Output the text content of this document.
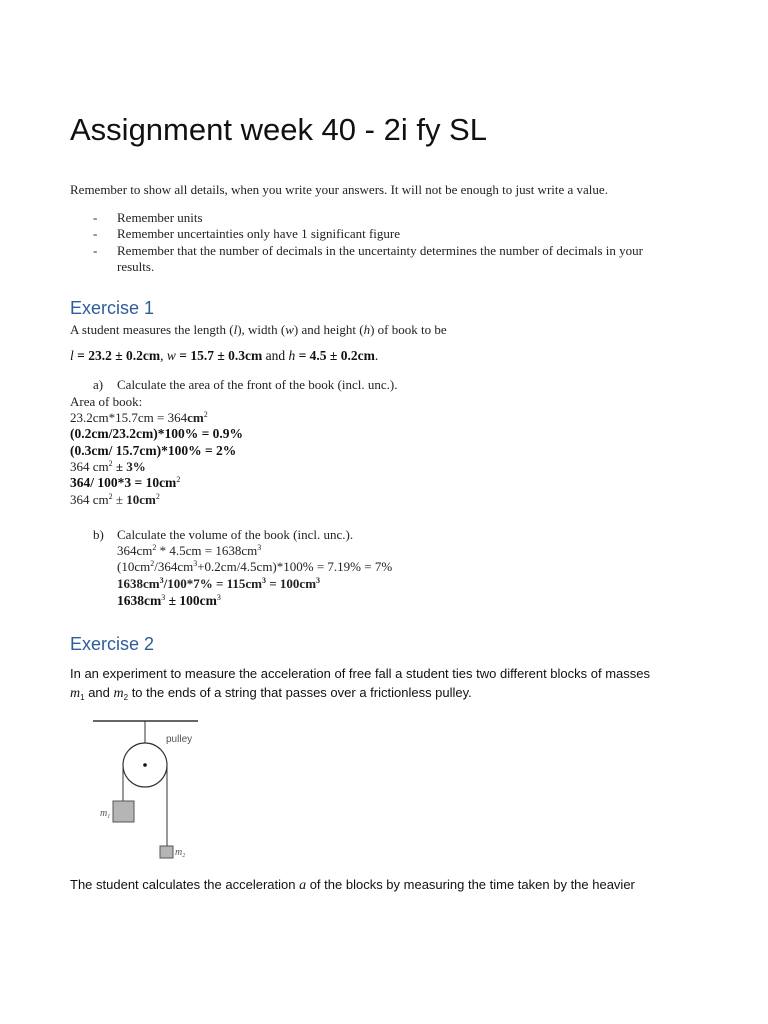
Assignment week 40 - 2i fy SL
Remember to show all details, when you write your answers. It will not be enough to just write a value.
- Remember units
- Remember uncertainties only have 1 significant figure
- Remember that the number of decimals in the uncertainty determines the number of decimals in your
results.
Exercise 1
A student measures the length (l), width (w) and height (h) of book to be
l = 23.2 ± 0.2cm, w = 15.7 ± 0.3cm and h = 4.5 ± 0.2cm.
a) Calculate the area of the front of the book (incl. unc.).
Area of book:
$23.2cm*15.7cm = 364cm^2$
(0.2cm/23.2cm)*100% = 0.9%
(0.3cm/ 15.7cm)*100% = 2%
364 $cm^2 \pm 3\%$
364/ $100*3 = 10cm^2$
364 $cm^2 \pm 10cm^2$
b) Calculate the volume of the book (incl. unc.).
$364cm^2 * 4.5cm = 1638cm^3$
$(10cm^2/364cm^3+0.2cm/4.5cm)*100\% = 7.19\% = 7\%$
$1638cm^3/100*7\% = 115cm^3 = 100cm^3$
$1638cm^3 \pm 100cm^3$
Exercise 2
In an experiment to measure the acceleration of free fall a student ties two different blocks of masses
$m_1$ and $m_2$ to the ends of a string that passes over a frictionless pulley.
pulley
$m_1$
$m_2$
The student calculates the acceleration a of the blocks by measuring the time taken by the heavier
